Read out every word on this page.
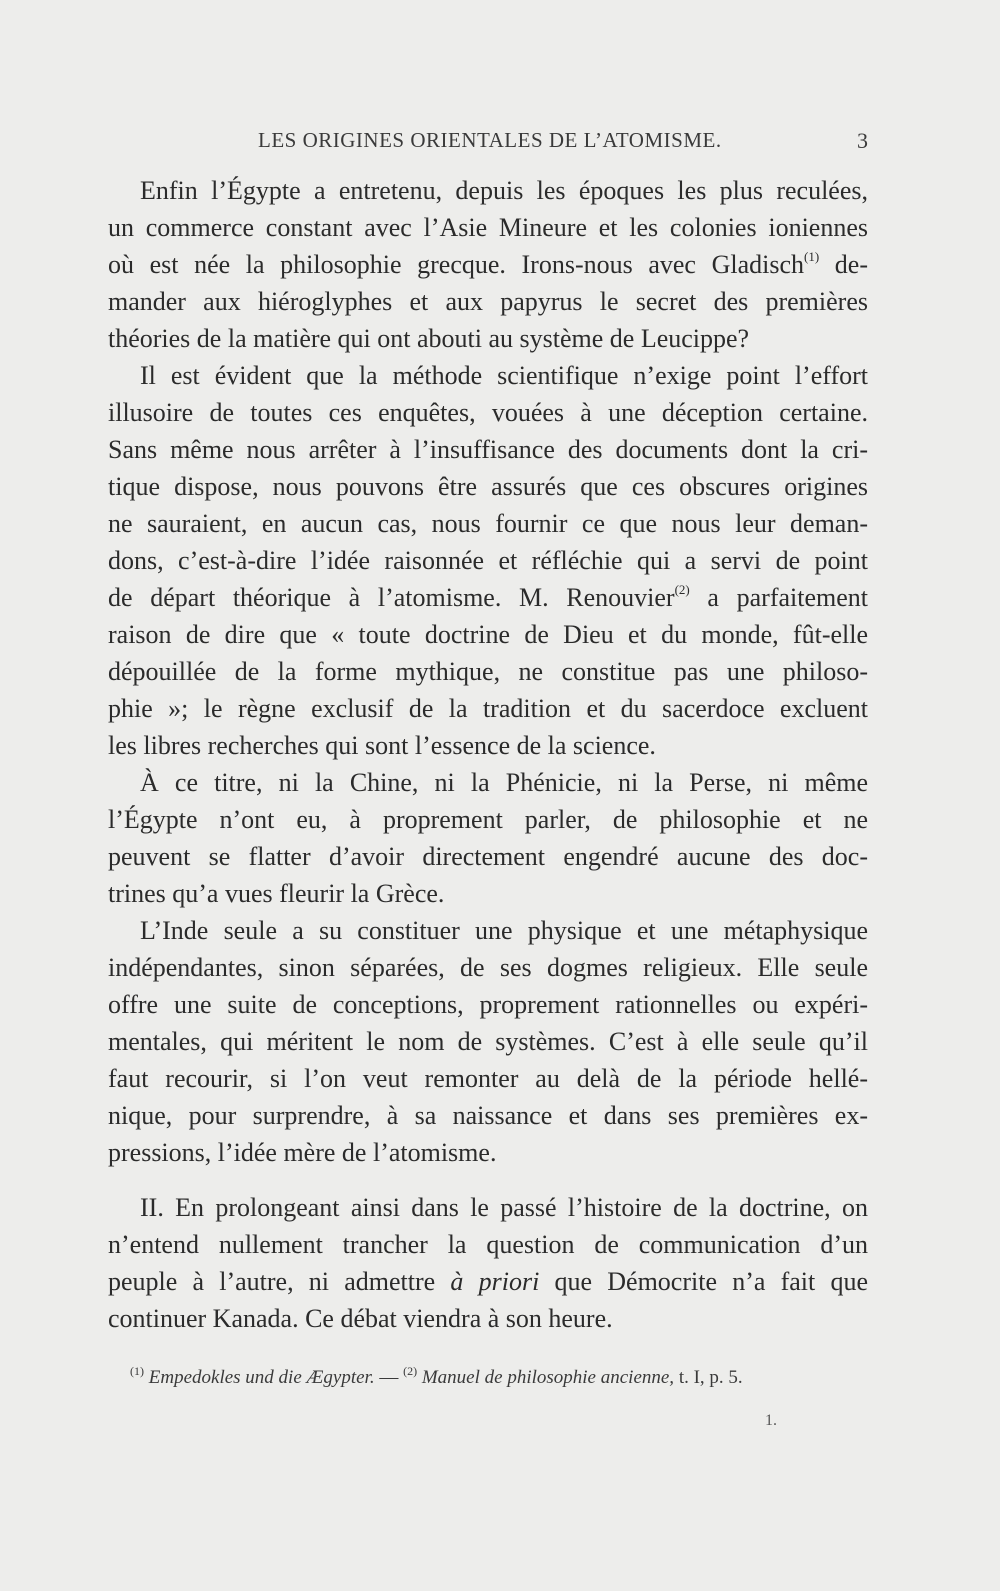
LES ORIGINES ORIENTALES DE L’ATOMISME.	3
Enfin l’Égypte a entretenu, depuis les époques les plus reculées,
un commerce constant avec l’Asie Mineure et les colonies ioniennes
où est née la philosophie grecque. Irons-nous avec Gladisch$^{(1)}$ de-
mander aux hiéroglyphes et aux papyrus le secret des premières
théories de la matière qui ont abouti au système de Leucippe?
Il est évident que la méthode scientifique n’exige point l’effort
illusoire de toutes ces enquêtes, vouées à une déception certaine.
Sans même nous arrêter à l’insuffisance des documents dont la cri-
tique dispose, nous pouvons être assurés que ces obscures origines
ne sauraient, en aucun cas, nous fournir ce que nous leur deman-
dons, c’est-à-dire l’idée raisonnée et réfléchie qui a servi de point
de départ théorique à l’atomisme. M. Renouvier$^{(2)}$ a parfaitement
raison de dire que « toute doctrine de Dieu et du monde, fût-elle
dépouillée de la forme mythique, ne constitue pas une philoso-
phie »; le règne exclusif de la tradition et du sacerdoce excluent
les libres recherches qui sont l’essence de la science.
À ce titre, ni la Chine, ni la Phénicie, ni la Perse, ni même
l’Égypte n’ont eu, à proprement parler, de philosophie et ne
peuvent se flatter d’avoir directement engendré aucune des doc-
trines qu’a vues fleurir la Grèce.
L’Inde seule a su constituer une physique et une métaphysique
indépendantes, sinon séparées, de ses dogmes religieux. Elle seule
offre une suite de conceptions, proprement rationnelles ou expéri-
mentales, qui méritent le nom de systèmes. C’est à elle seule qu’il
faut recourir, si l’on veut remonter au delà de la période hellé-
nique, pour surprendre, à sa naissance et dans ses premières ex-
pressions, l’idée mère de l’atomisme.
II. En prolongeant ainsi dans le passé l’histoire de la doctrine, on
n’entend nullement trancher la question de communication d’un
peuple à l’autre, ni admettre à priori que Démocrite n’a fait que
continuer Kanada. Ce débat viendra à son heure.
$^{(1)}$ Empedokles und die Ægypter. — $^{(2)}$ Manuel de philosophie ancienne, t. I, p. 5.
1.
